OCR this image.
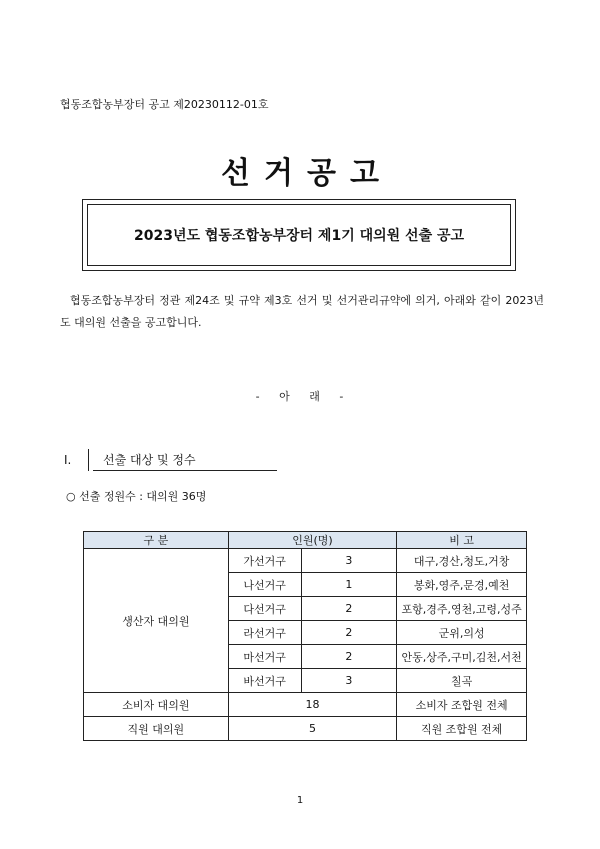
협동조합농부장터 공고 제20230112-01호
선거공고
2023년도 협동조합농부장터 제1기 대의원 선출 공고
협동조합농부장터 정관 제24조 및 규약 제3호 선거 및 선거관리규약에 의거, 아래와 같이 2023년도 대의원 선출을 공고합니다.
- 아 래 -
Ⅰ.	선출 대상 및 정수
○ 선출 정원수 : 대의원 36명
구 분	인원(명)		비 고
생산자 대의원	가선거구	3	대구,경산,청도,거창
	나선거구	1	봉화,영주,문경,예천
	다선거구	2	포항,경주,영천,고령,성주
	라선거구	2	군위,의성
	마선거구	2	안동,상주,구미,김천,서천
	바선거구	3	칠곡
소비자 대의원	18		소비자 조합원 전체
직원 대의원	5		직원 조합원 전체
1
